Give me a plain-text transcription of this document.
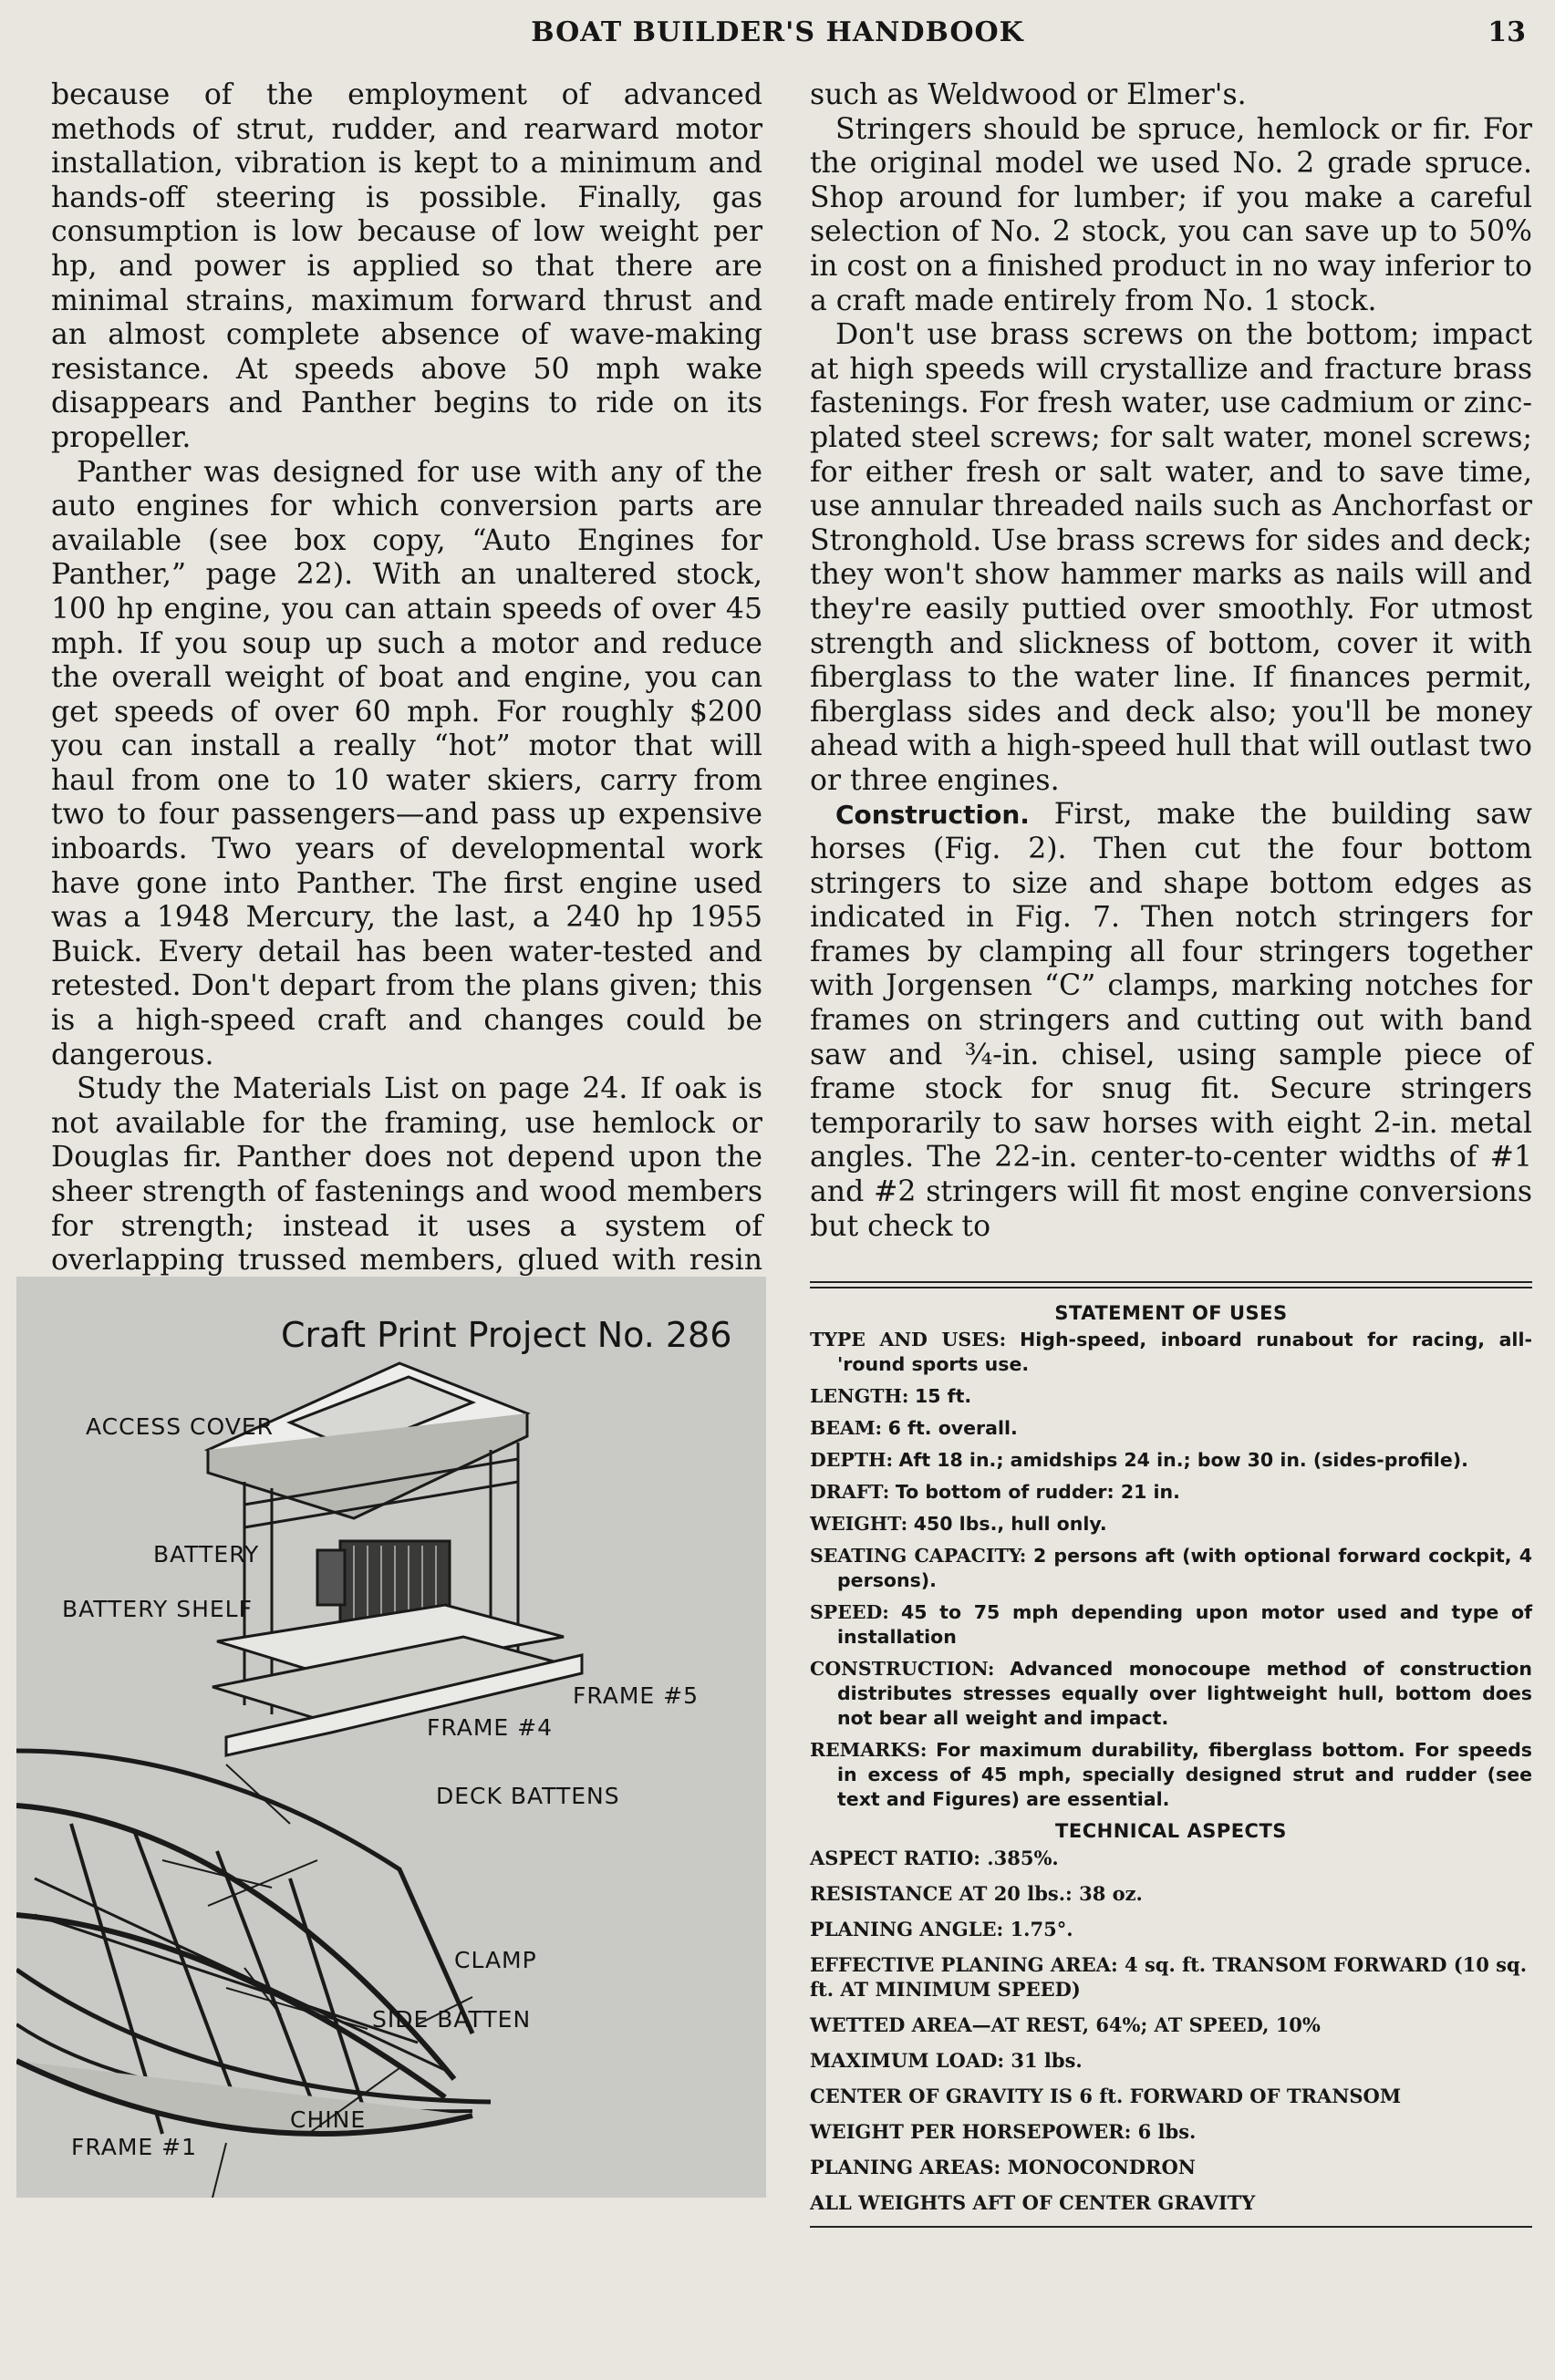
BOAT BUILDER'S HANDBOOK	13

because of the employment of advanced methods of strut, rudder, and rearward motor installation, vibration is kept to a minimum and hands-off steering is possible. Finally, gas consumption is low because of low weight per hp, and power is applied so that there are minimal strains, maximum forward thrust and an almost complete absence of wave-making resistance. At speeds above 50 mph wake disappears and Panther begins to ride on its propeller.

Panther was designed for use with any of the auto engines for which conversion parts are available (see box copy, “Auto Engines for Panther,” page 22). With an unaltered stock, 100 hp engine, you can attain speeds of over 45 mph. If you soup up such a motor and reduce the overall weight of boat and engine, you can get speeds of over 60 mph. For roughly $200 you can install a really “hot” motor that will haul from one to 10 water skiers, carry from two to four passengers—and pass up expensive inboards. Two years of developmental work have gone into Panther. The first engine used was a 1948 Mercury, the last, a 240 hp 1955 Buick. Every detail has been water-tested and retested. Don't depart from the plans given; this is a high-speed craft and changes could be dangerous.

Study the Materials List on page 24. If oak is not available for the framing, use hemlock or Douglas fir. Panther does not depend upon the sheer strength of fastenings and wood members for strength; instead it uses a system of overlapping trussed members, glued with resin

such as Weldwood or Elmer's.

Stringers should be spruce, hemlock or fir. For the original model we used No. 2 grade spruce. Shop around for lumber; if you make a careful selection of No. 2 stock, you can save up to 50% in cost on a finished product in no way inferior to a craft made entirely from No. 1 stock.

Don't use brass screws on the bottom; impact at high speeds will crystallize and fracture brass fastenings. For fresh water, use cadmium or zinc-plated steel screws; for salt water, monel screws; for either fresh or salt water, and to save time, use annular threaded nails such as Anchorfast or Stronghold. Use brass screws for sides and deck; they won't show hammer marks as nails will and they're easily puttied over smoothly. For utmost strength and slickness of bottom, cover it with fiberglass to the water line. If finances permit, fiberglass sides and deck also; you'll be money ahead with a high-speed hull that will outlast two or three engines.

Construction. First, make the building saw horses (Fig. 2). Then cut the four bottom stringers to size and shape bottom edges as indicated in Fig. 7. Then notch stringers for frames by clamping all four stringers together with Jorgensen “C” clamps, marking notches for frames on stringers and cutting out with band saw and ¾-in. chisel, using sample piece of frame stock for snug fit. Secure stringers temporarily to saw horses with eight 2-in. metal angles. The 22-in. center-to-center widths of #1 and #2 stringers will fit most engine conversions but check to

Craft Print Project No. 286
ACCESS COVER
BATTERY
BATTERY SHELF
FRAME #5
FRAME #4
DECK BATTENS
CLAMP
SIDE BATTEN
CHINE
FRAME #1
STATEMENT OF USES
TYPE AND USES: High-speed, inboard runabout for racing, all-'round sports use.
LENGTH: 15 ft.
BEAM: 6 ft. overall.
DEPTH: Aft 18 in.; amidships 24 in.; bow 30 in. (sides-profile).
DRAFT: To bottom of rudder: 21 in.
WEIGHT: 450 lbs., hull only.
SEATING CAPACITY: 2 persons aft (with optional forward cockpit, 4 persons).
SPEED: 45 to 75 mph depending upon motor used and type of installation
CONSTRUCTION: Advanced monocoupe method of construction distributes stresses equally over lightweight hull, bottom does not bear all weight and impact.
REMARKS: For maximum durability, fiberglass bottom. For speeds in excess of 45 mph, specially designed strut and rudder (see text and Figures) are essential.
TECHNICAL ASPECTS
ASPECT RATIO: .385%.
RESISTANCE AT 20 lbs.: 38 oz.
PLANING ANGLE: 1.75°.
EFFECTIVE PLANING AREA: 4 sq. ft. TRANSOM FORWARD (10 sq. ft. AT MINIMUM SPEED)
WETTED AREA—AT REST, 64%; AT SPEED, 10%
MAXIMUM LOAD: 31 lbs.
CENTER OF GRAVITY IS 6 ft. FORWARD OF TRANSOM
WEIGHT PER HORSEPOWER: 6 lbs.
PLANING AREAS: MONOCONDRON
ALL WEIGHTS AFT OF CENTER GRAVITY
